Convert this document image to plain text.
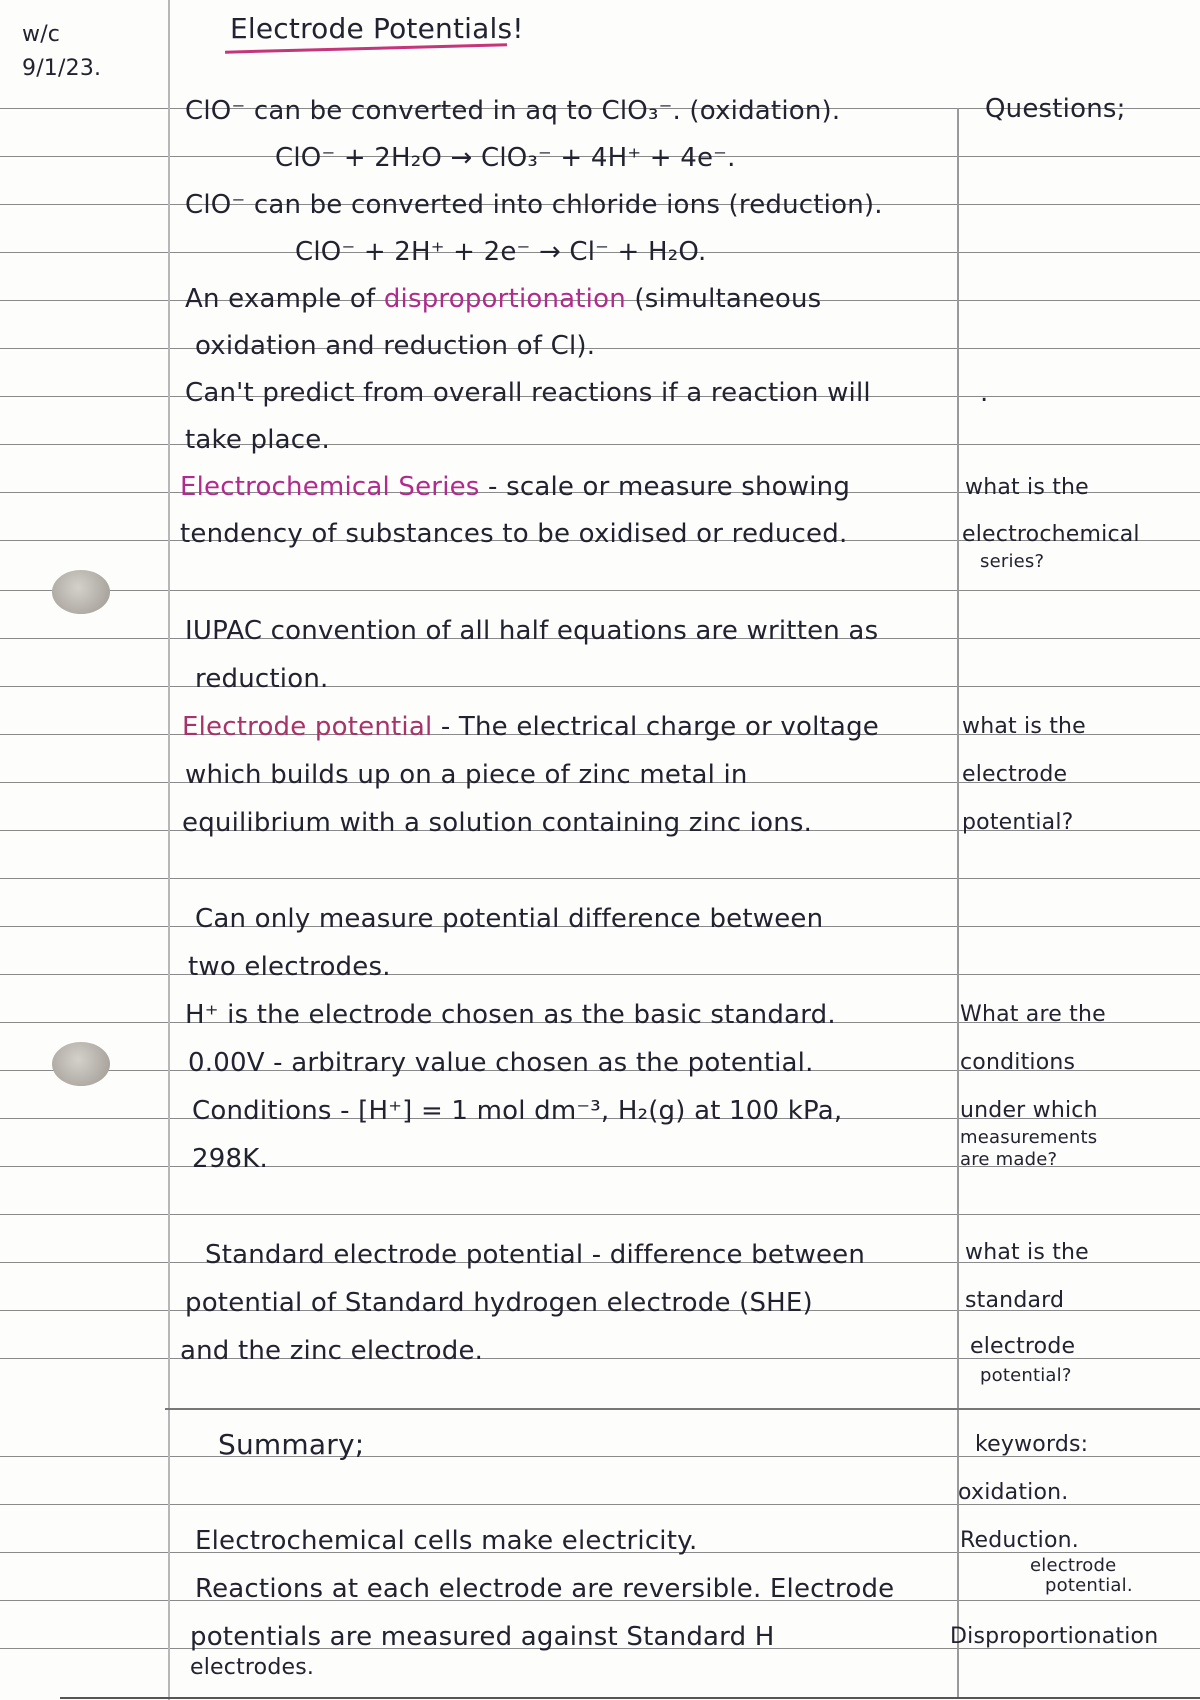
w/c
9/1/23.
Electrode Potentials!
ClO⁻ can be converted in aq to ClO₃⁻. (oxidation).
ClO⁻ + 2H₂O → ClO₃⁻ + 4H⁺ + 4e⁻.
ClO⁻ can be converted into chloride ions (reduction).
ClO⁻ + 2H⁺ + 2e⁻ → Cl⁻ + H₂O.
An example of disproportionation (simultaneous
oxidation and reduction of Cl).
Can't predict from overall reactions if a reaction will
take place.
Electrochemical Series - scale or measure showing
tendency of substances to be oxidised or reduced.
IUPAC convention of all half equations are written as
reduction.
Electrode potential - The electrical charge or voltage
which builds up on a piece of zinc metal in
equilibrium with a solution containing zinc ions.
Can only measure potential difference between
two electrodes.
H⁺ is the electrode chosen as the basic standard.
0.00V - arbitrary value chosen as the potential.
Conditions - [H⁺] = 1 mol dm⁻³, H₂(g) at 100 kPa,
298K.
Standard electrode potential - difference between
potential of Standard hydrogen electrode (SHE)
and the zinc electrode.
Questions;
.
what is the
electrochemical
series?
what is the
electrode
potential?
What are the
conditions
under which
measurements
are made?
what is the
standard
electrode
potential?
Summary;
Electrochemical cells make electricity.
Reactions at each electrode are reversible. Electrode
potentials are measured against Standard H
electrodes.
keywords:
oxidation.
Reduction.
electrode
potential.
Disproportionation
